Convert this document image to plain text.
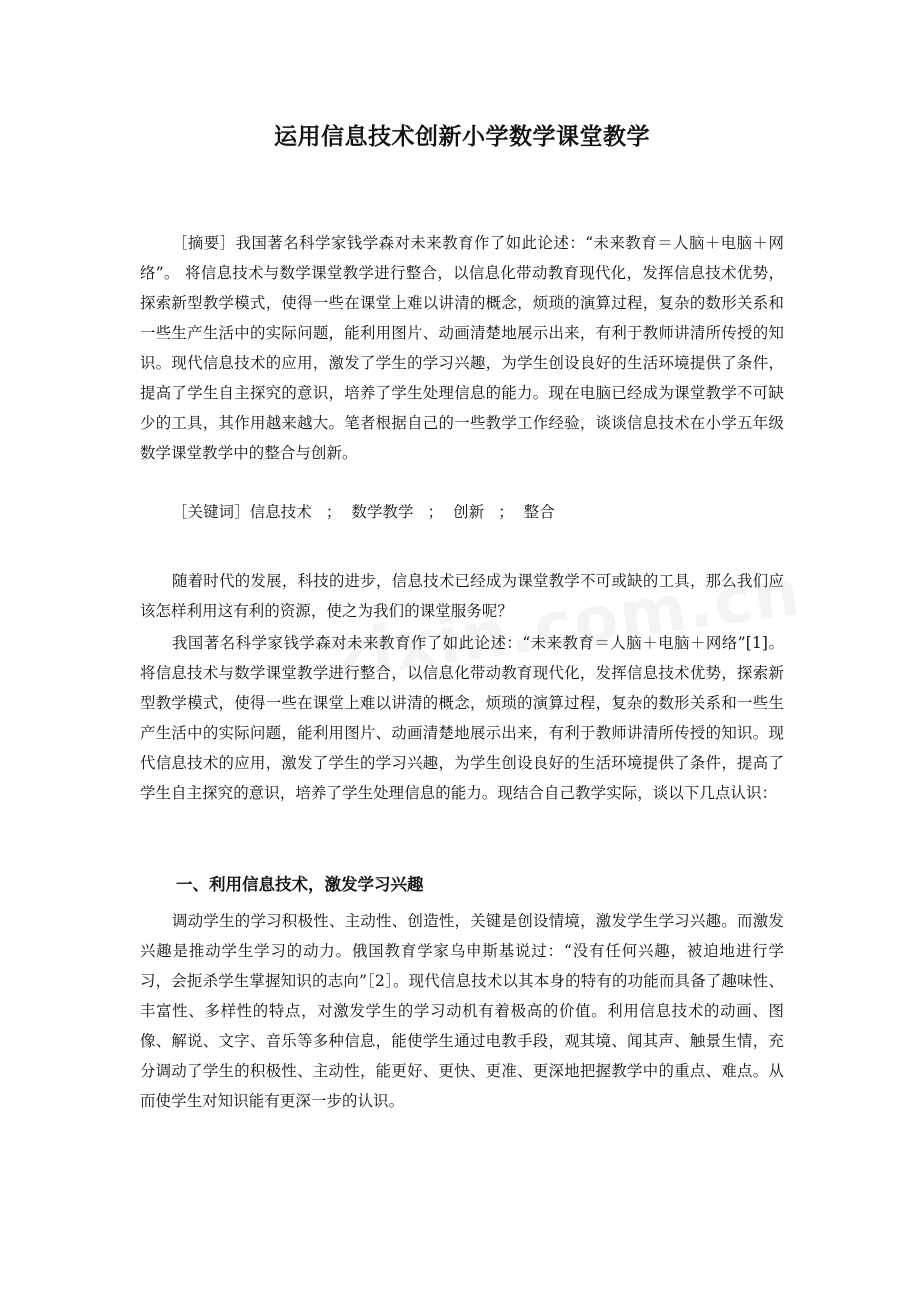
运用信息技术创新小学数学课堂教学

［摘要］我国著名科学家钱学森对未来教育作了如此论述：“未来教育＝人脑＋电脑＋网络”。 将信息技术与数学课堂教学进行整合，以信息化带动教育现代化，发挥信息技术优势，探索新型教学模式，使得一些在课堂上难以讲清的概念，烦琐的演算过程，复杂的数形关系和一些生产生活中的实际问题，能利用图片、动画清楚地展示出来，有利于教师讲清所传授的知识。现代信息技术的应用，激发了学生的学习兴趣，为学生创设良好的生活环境提供了条件，提高了学生自主探究的意识，培养了学生处理信息的能力。现在电脑已经成为课堂教学不可缺少的工具，其作用越来越大。笔者根据自己的一些教学工作经验，谈谈信息技术在小学五年级数学课堂教学中的整合与创新。

［关键词］信息技术 ； 数学教学 ； 创新 ； 整合

随着时代的发展，科技的进步，信息技术已经成为课堂教学不可或缺的工具，那么我们应该怎样利用这有利的资源，使之为我们的课堂服务呢？

我国著名科学家钱学森对未来教育作了如此论述：“未来教育＝人脑＋电脑＋网络”[1]。将信息技术与数学课堂教学进行整合，以信息化带动教育现代化，发挥信息技术优势，探索新型教学模式，使得一些在课堂上难以讲清的概念，烦琐的演算过程，复杂的数形关系和一些生产生活中的实际问题，能利用图片、动画清楚地展示出来，有利于教师讲清所传授的知识。现代信息技术的应用，激发了学生的学习兴趣，为学生创设良好的生活环境提供了条件，提高了学生自主探究的意识，培养了学生处理信息的能力。现结合自己教学实际，谈以下几点认识：

一、利用信息技术，激发学习兴趣

调动学生的学习积极性、主动性、创造性，关键是创设情境，激发学生学习兴趣。而激发兴趣是推动学生学习的动力。俄国教育学家乌申斯基说过：“没有任何兴趣，被迫地进行学习，会扼杀学生掌握知识的志向”［2］。现代信息技术以其本身的特有的功能而具备了趣味性、丰富性、多样性的特点，对激发学生的学习动机有着极高的价值。利用信息技术的动画、图像、解说、文字、音乐等多种信息，能使学生通过电教手段，观其境、闻其声、触景生情，充分调动了学生的积极性、主动性，能更好、更快、更准、更深地把握教学中的重点、难点。从而使学生对知识能有更深一步的认识。
